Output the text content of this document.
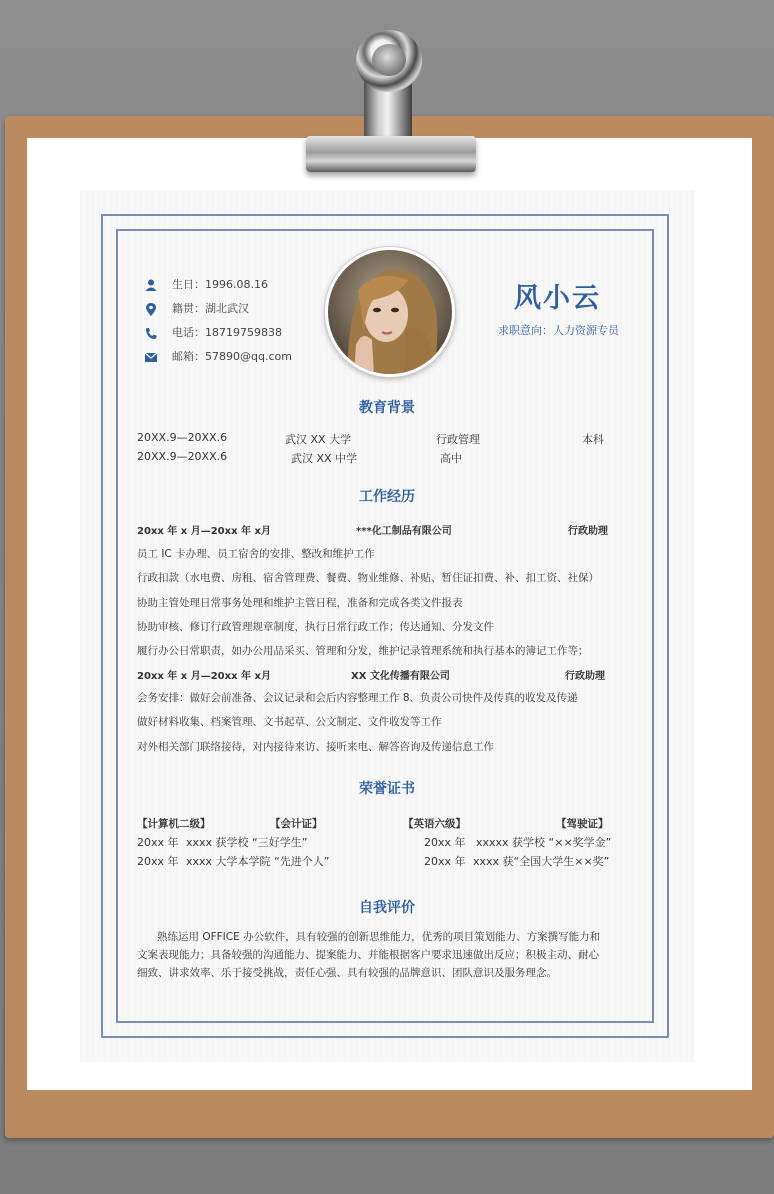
生日：1996.08.16
籍贯：湖北武汉
电话：18719759838
邮箱：57890@qq.com
风小云
求职意向：人力资源专员
教育背景
20XX.9—20XX.6	武汉 XX 大学	行政管理	本科
20XX.9—20XX.6	武汉 XX 中学	高中
工作经历
20xx 年 x 月—20xx 年 x月	***化工制品有限公司	行政助理
员工 IC 卡办理、员工宿舍的安排、整改和维护工作
行政扣款（水电费、房租、宿舍管理费、餐费、物业维修、补贴、暂住证扣费、补、扣工资、社保）
协助主管处理日常事务处理和维护主管日程，准备和完成各类文件报表
协助审核、修订行政管理规章制度，执行日常行政工作；传达通知、分发文件
履行办公日常职责，如办公用品采买、管理和分发，维护记录管理系统和执行基本的簿记工作等；
20xx 年 x 月—20xx 年 x月	XX 文化传播有限公司	行政助理
会务安排：做好会前准备、会议记录和会后内容整理工作 8、负责公司快件及传真的收发及传递
做好材料收集、档案管理、文书起草、公文制定、文件收发等工作
对外相关部门联络接待，对内接待来访、接听来电、解答咨询及传递信息工作
荣誉证书
【计算机二级】	【会计证】	【英语六级】	【驾驶证】
20xx 年 xxxx 获学校 “三好学生”	20xx 年 xxxxx 获学校 “××奖学金”
20xx 年 xxxx 大学本学院 “先进个人”	20xx 年 xxxx 获“全国大学生××奖”
自我评价
熟练运用 OFFICE 办公软件，具有较强的创新思维能力，优秀的项目策划能力、方案撰写能力和
文案表现能力；具备较强的沟通能力、提案能力、并能根据客户要求迅速做出反应；积极主动、耐心
细致、讲求效率、乐于接受挑战，责任心强、具有较强的品牌意识、团队意识及服务理念。
